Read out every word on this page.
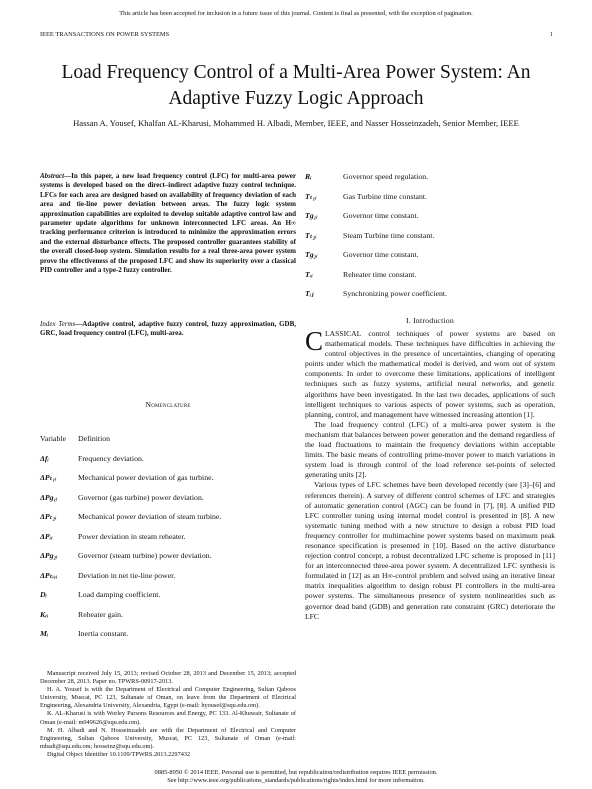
This article has been accepted for inclusion in a future issue of this journal. Content is final as presented, with the exception of pagination.
IEEE TRANSACTIONS ON POWER SYSTEMS	1
Load Frequency Control of a Multi-Area Power System: An Adaptive Fuzzy Logic Approach
Hassan A. Yousef, Khalfan AL-Kharusi, Mohammed H. Albadi, Member, IEEE, and Nasser Hosseinzadeh, Senior Member, IEEE
Abstract—In this paper, a new load frequency control (LFC) for multi-area power systems is developed based on the direct–indirect adaptive fuzzy control technique. LFCs for each area are designed based on availability of frequency deviation of each area and tie-line power deviation between areas. The fuzzy logic system approximation capabilities are exploited to develop suitable adaptive control law and parameter update algorithms for unknown interconnected LFC areas. An H∞ tracking performance criterion is introduced to minimize the approximation errors and the external disturbance effects. The proposed controller guarantees stability of the overall closed-loop system. Simulation results for a real three-area power system prove the effectiveness of the proposed LFC and show its superiority over a classical PID controller and a type-2 fuzzy controller.
Index Terms—Adaptive control, adaptive fuzzy control, fuzzy approximation, GDB, GRC, load frequency control (LFC), multi-area.
Nomenclature
Variable	Definition
Δfᵢ	Frequency deviation.
ΔPₜ₁ᵢ	Mechanical power deviation of gas turbine.
ΔPg₁ᵢ	Governor (gas turbine) power deviation.
ΔPₜ₂ᵢ	Mechanical power deviation of steam turbine.
ΔPᵣᵢ	Power deviation in steam reheater.
ΔPg₂ᵢ	Governor (steam turbine) power deviation.
ΔPₜᵢₑᵢ	Deviation in net tie-line power.
Dᵢ	Load damping coefficient.
Kᵣᵢ	Reheater gain.
Mᵢ	Inertia constant.
Rᵢ	Governor speed regulation.
Tₜ₁ᵢ	Gas Turbine time constant.
Tg₁ᵢ	Governor time constant.
Tₜ₂ᵢ	Steam Turbine time constant.
Tg₂ᵢ	Governor time constant.
Tᵣᵢ	Reheater time constant.
Tᵢⱼ	Synchronizing power coefficient.
I. Introduction

CLASSICAL control techniques of power systems are based on mathematical models. These techniques have difficulties in achieving the control objectives in the presence of uncertainties, changing of operating points under which the mathematical model is derived, and worn out of system components. In order to overcome these limitations, applications of intelligent techniques such as fuzzy systems, artificial neural networks, and genetic algorithms have been investigated. In the last two decades, applications of such intelligent techniques to various aspects of power systems, such as operation, planning, control, and management have witnessed increasing attention [1].

The load frequency control (LFC) of a multi-area power system is the mechanism that balances between power generation and the demand regardless of the load fluctuations to maintain the frequency deviations within acceptable limits. The basic means of controlling prime-mover power to match variations in system load is through control of the load reference set-points of selected generating units [2].

Various types of LFC schemes have been developed recently (see [3]–[6] and references therein). A survey of different control schemes of LFC and strategies of automatic generation control (AGC) can be found in [7], [8]. A unified PID LFC controller tuning using internal model control is presented in [8]. A new systematic tuning method with a new structure to design a robust PID load frequency controller for multimachine power systems based on maximum peak resonance specification is presented in [10]. Based on the active disturbance rejection control concept, a robust decentralized LFC scheme is proposed in [11] for an interconnected three-area power system. A decentralized LFC synthesis is formulated in [12] as an H∞-control problem and solved using an iterative linear matrix inequalities algorithm to design robust PI controllers in the multi-area power systems. The simultaneous presence of system nonlinearities such as governor dead band (GDB) and generation rate constraint (GRC) deteriorate the LFC

Manuscript received July 15, 2013; revised October 28, 2013 and December 15, 2013; accepted December 28, 2013. Paper no. TPWRS-00917-2013.

H. A. Yousef is with the Department of Electrical and Computer Engineering, Sultan Qaboos University, Muscat, PC 123, Sultanate of Oman, on leave from the Department of Electrical Engineering, Alexandria University, Alexandria, Egypt (e-mail: hyousef@squ.edu.om).

K. AL-Kharusi is with Worley Parsons Resources and Energy, PC 133. Al-Khuwair, Sultanate of Oman (e-mail: m049626@squ.edu.om).

M. H. Albadi and N. Hosseinzadeh are with the Department of Electrical and Computer Engineering, Sultan Qaboos University, Muscat, PC 123, Sultanate of Oman (e-mail: mbadi@squ.edu.om; hosseinz@squ.edu.om).

Digital Object Identifier 10.1109/TPWRS.2013.2297432

0885-8950 © 2014 IEEE. Personal use is permitted, but republication/redistribution requires IEEE permission.
See http://www.ieee.org/publications_standards/publications/rights/index.html for more information.
